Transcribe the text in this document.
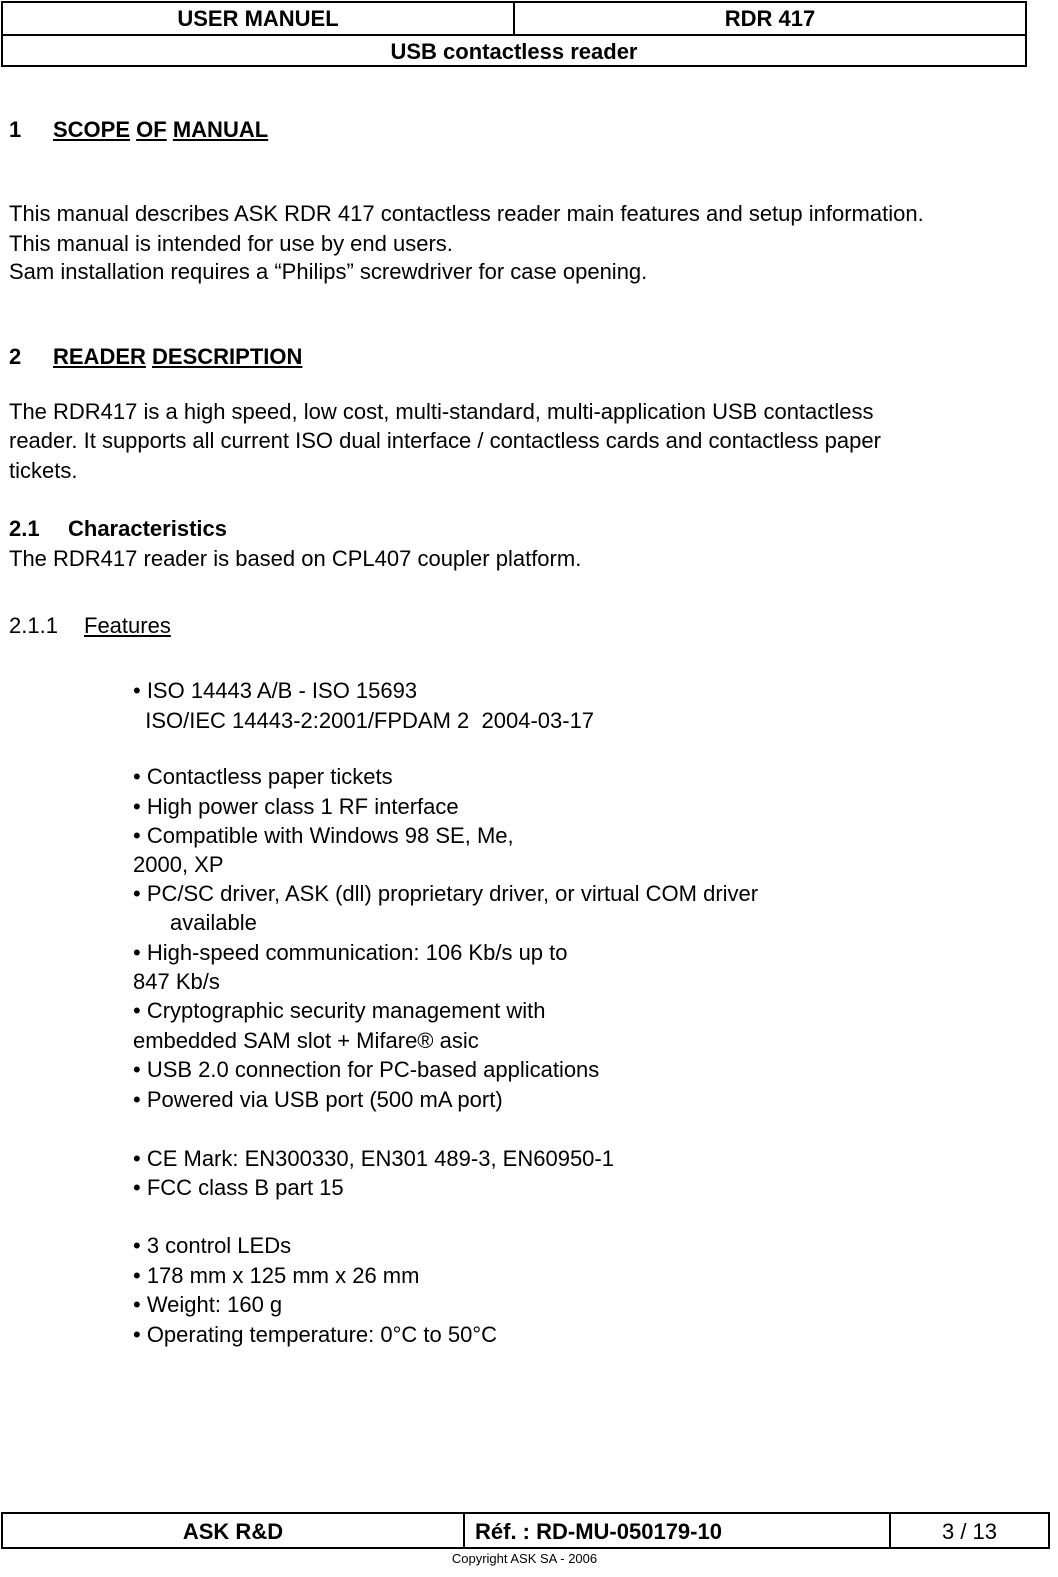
USER MANUEL	RDR 417
USB contactless reader
1 SCOPE OF MANUAL
This manual describes ASK RDR 417 contactless reader main features and setup information.
This manual is intended for use by end users.
Sam installation requires a “Philips” screwdriver for case opening.
2 READER DESCRIPTION
The RDR417 is a high speed, low cost, multi-standard, multi-application USB contactless
reader. It supports all current ISO dual interface / contactless cards and contactless paper
tickets.
2.1 Characteristics
The RDR417 reader is based on CPL407 coupler platform.
2.1.1 Features
• ISO 14443 A/B - ISO 15693
ISO/IEC 14443-2:2001/FPDAM 2  2004-03-17
• Contactless paper tickets
• High power class 1 RF interface
• Compatible with Windows 98 SE, Me,
2000, XP
• PC/SC driver, ASK (dll) proprietary driver, or virtual COM driver
available
• High-speed communication: 106 Kb/s up to
847 Kb/s
• Cryptographic security management with
embedded SAM slot + Mifare® asic
• USB 2.0 connection for PC-based applications
• Powered via USB port (500 mA port)
• CE Mark: EN300330, EN301 489-3, EN60950-1
• FCC class B part 15
• 3 control LEDs
• 178 mm x 125 mm x 26 mm
• Weight: 160 g
• Operating temperature: 0°C to 50°C
ASK R&D	Réf. : RD-MU-050179-10	3 / 13
Copyright ASK SA - 2006
